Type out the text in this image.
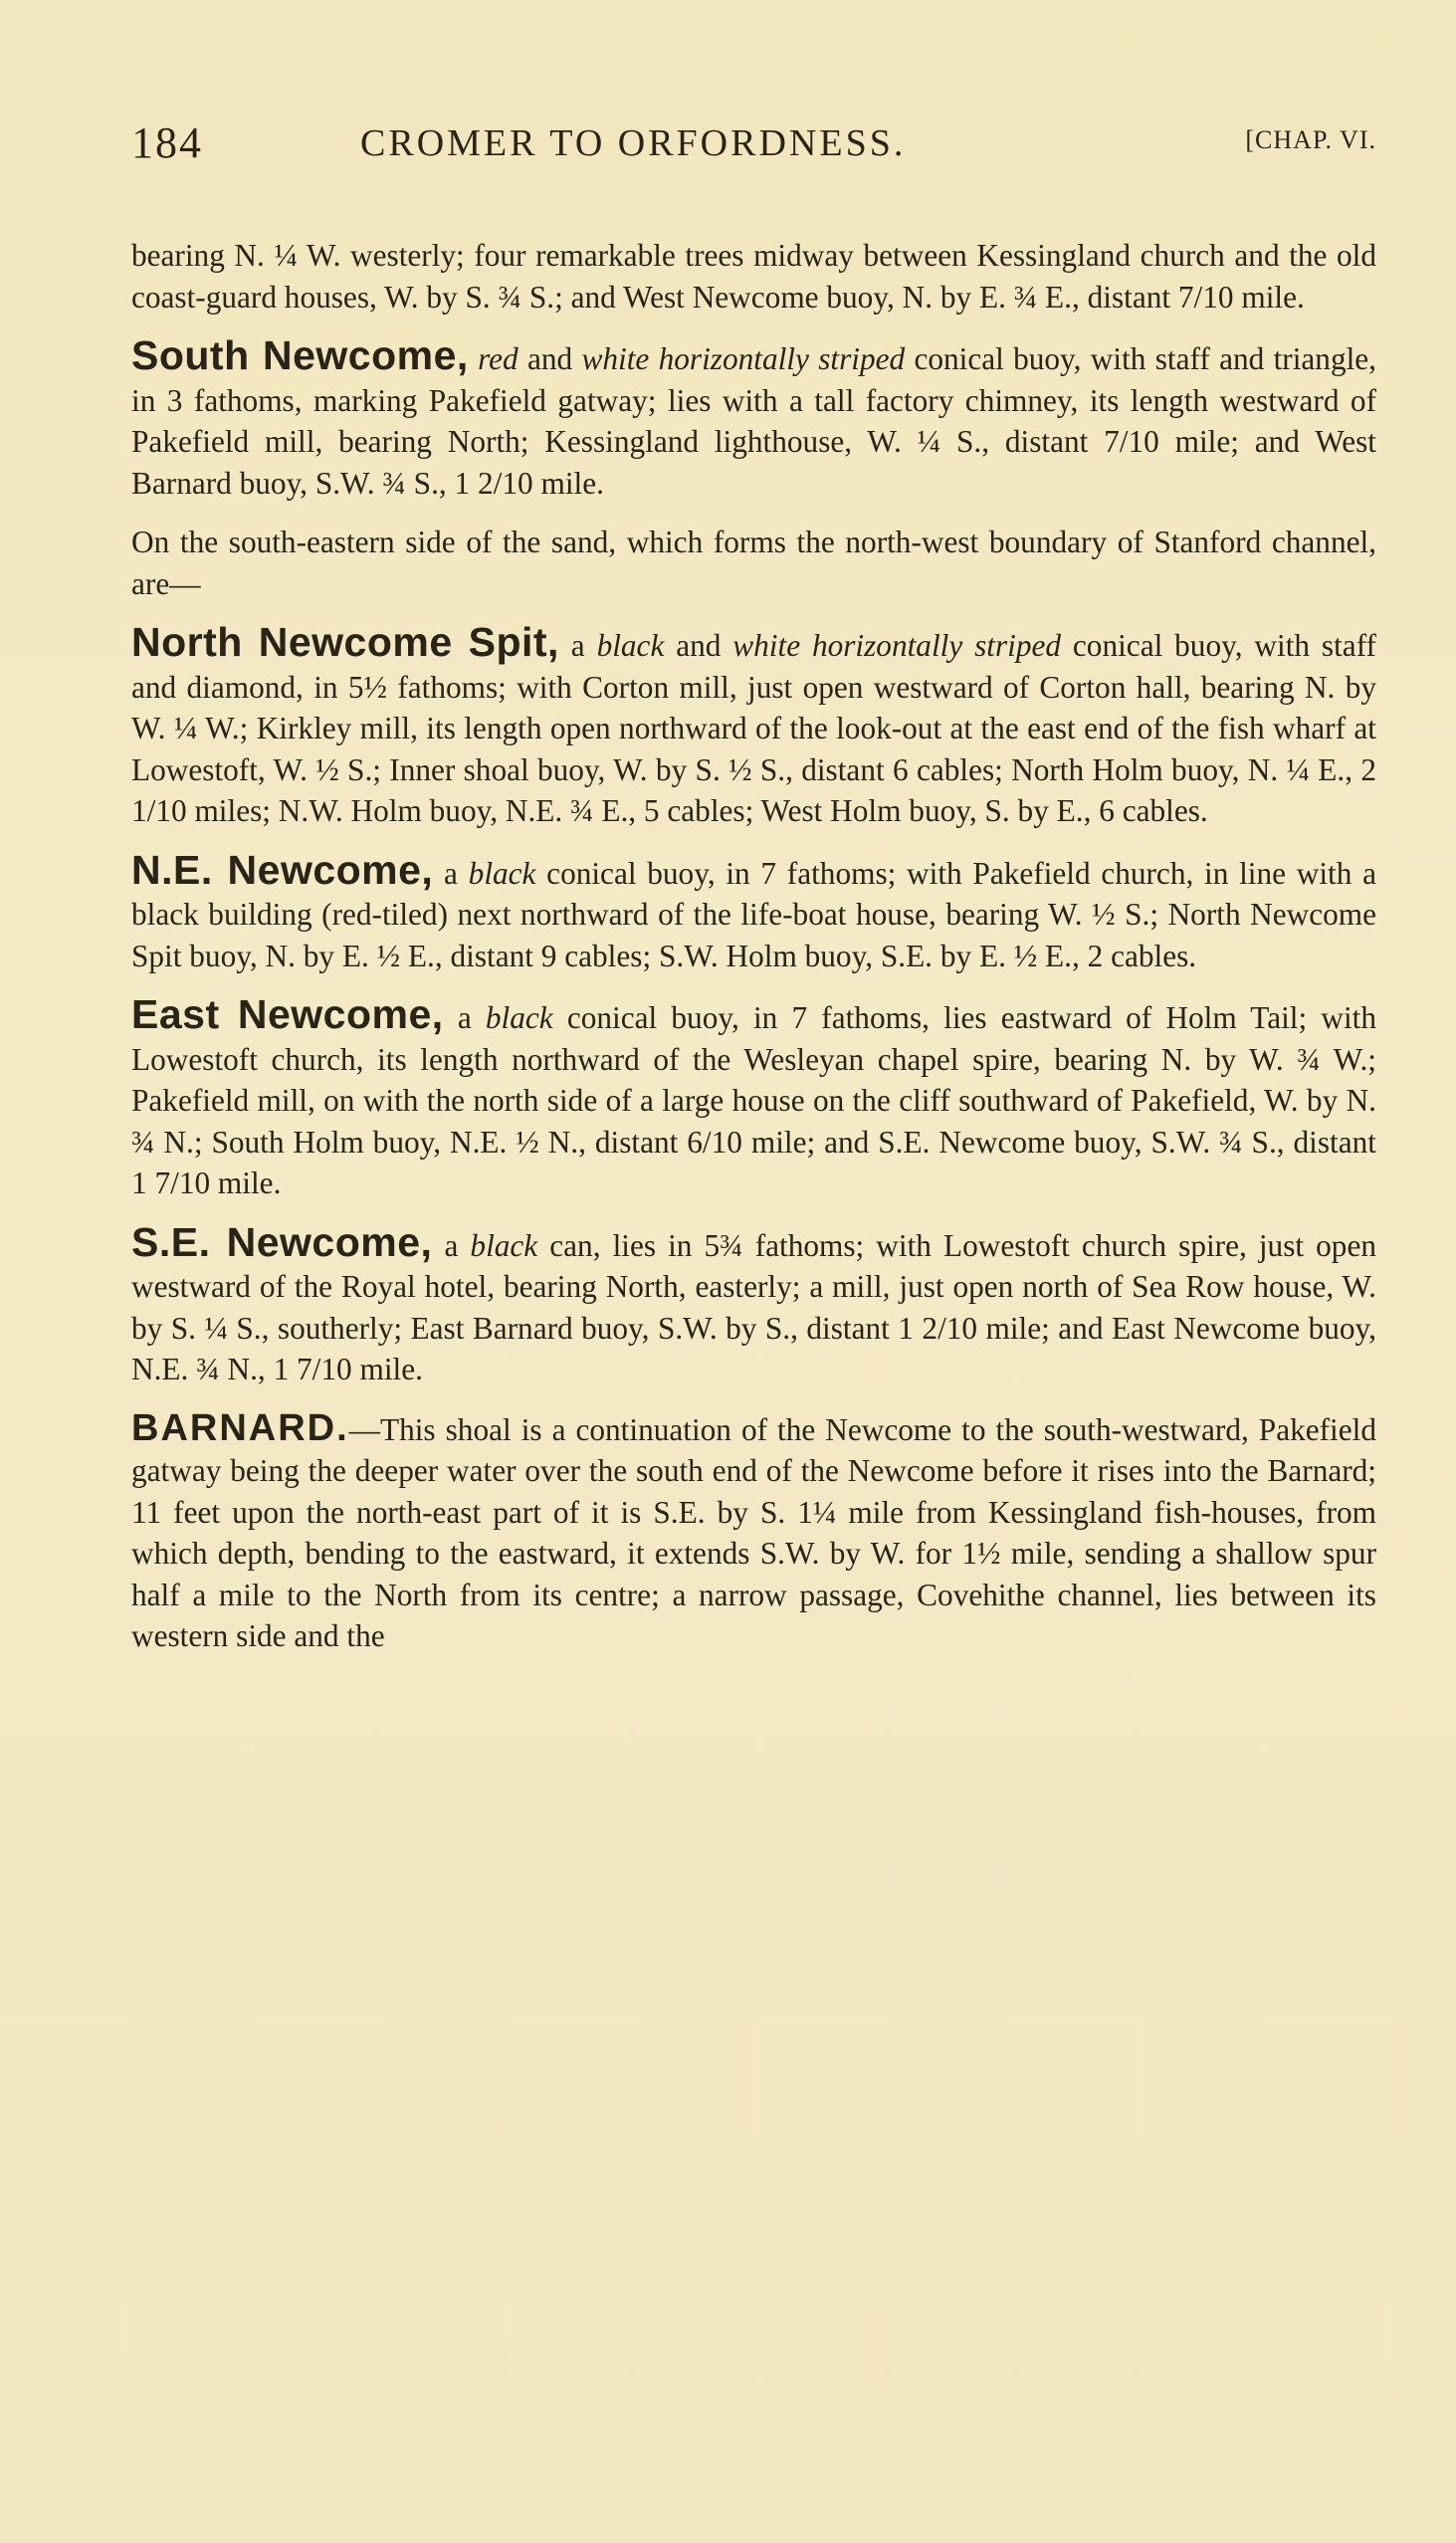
184	CROMER TO ORFORDNESS.	[CHAP. VI.

bearing N. ¼ W. westerly; four remarkable trees midway between Kessingland church and the old coast-guard houses, W. by S. ¾ S.; and West Newcome buoy, N. by E. ¾ E., distant 7/10 mile.

South Newcome, red and white horizontally striped conical buoy, with staff and triangle, in 3 fathoms, marking Pakefield gatway; lies with a tall factory chimney, its length westward of Pakefield mill, bearing North; Kessingland lighthouse, W. ¼ S., distant 7/10 mile; and West Barnard buoy, S.W. ¾ S., 1 2/10 mile.

On the south-eastern side of the sand, which forms the north-west boundary of Stanford channel, are—

North Newcome Spit, a black and white horizontally striped conical buoy, with staff and diamond, in 5½ fathoms; with Corton mill, just open westward of Corton hall, bearing N. by W. ¼ W.; Kirkley mill, its length open northward of the look-out at the east end of the fish wharf at Lowestoft, W. ½ S.; Inner shoal buoy, W. by S. ½ S., distant 6 cables; North Holm buoy, N. ¼ E., 2 1/10 miles; N.W. Holm buoy, N.E. ¾ E., 5 cables; West Holm buoy, S. by E., 6 cables.

N.E. Newcome, a black conical buoy, in 7 fathoms; with Pakefield church, in line with a black building (red-tiled) next northward of the life-boat house, bearing W. ½ S.; North Newcome Spit buoy, N. by E. ½ E., distant 9 cables; S.W. Holm buoy, S.E. by E. ½ E., 2 cables.

East Newcome, a black conical buoy, in 7 fathoms, lies eastward of Holm Tail; with Lowestoft church, its length northward of the Wesleyan chapel spire, bearing N. by W. ¾ W.; Pakefield mill, on with the north side of a large house on the cliff southward of Pakefield, W. by N. ¾ N.; South Holm buoy, N.E. ½ N., distant 6/10 mile; and S.E. Newcome buoy, S.W. ¾ S., distant 1 7/10 mile.

S.E. Newcome, a black can, lies in 5¾ fathoms; with Lowestoft church spire, just open westward of the Royal hotel, bearing North, easterly; a mill, just open north of Sea Row house, W. by S. ¼ S., southerly; East Barnard buoy, S.W. by S., distant 1 2/10 mile; and East Newcome buoy, N.E. ¾ N., 1 7/10 mile.

BARNARD.—This shoal is a continuation of the Newcome to the south-westward, Pakefield gatway being the deeper water over the south end of the Newcome before it rises into the Barnard; 11 feet upon the north-east part of it is S.E. by S. 1¼ mile from Kessingland fish-houses, from which depth, bending to the eastward, it extends S.W. by W. for 1½ mile, sending a shallow spur half a mile to the North from its centre; a narrow passage, Covehithe channel, lies between its western side and the
